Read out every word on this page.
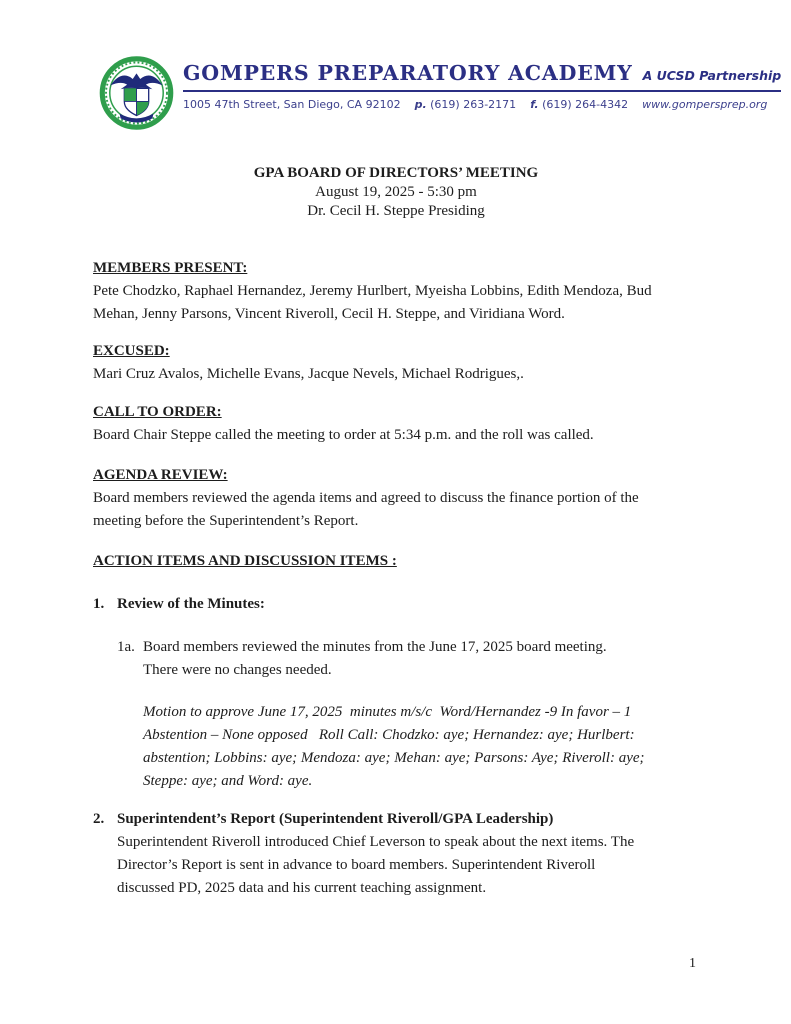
GOMPERS PREPARATORY ACADEMY A UCSD Partnership
1005 47th Street, San Diego, CA 92102 p. (619) 263-2171 f. (619) 264-4342 www.gompersprep.org
GPA BOARD OF DIRECTORS’ MEETING
August 19, 2025 - 5:30 pm
Dr. Cecil H. Steppe Presiding
MEMBERS PRESENT:
Pete Chodzko, Raphael Hernandez, Jeremy Hurlbert, Myeisha Lobbins, Edith Mendoza, Bud
Mehan, Jenny Parsons, Vincent Riveroll, Cecil H. Steppe, and Viridiana Word.
EXCUSED:
Mari Cruz Avalos, Michelle Evans, Jacque Nevels, Michael Rodrigues,.
CALL TO ORDER:
Board Chair Steppe called the meeting to order at 5:34 p.m. and the roll was called.
AGENDA REVIEW:
Board members reviewed the agenda items and agreed to discuss the finance portion of the
meeting before the Superintendent’s Report.
ACTION ITEMS AND DISCUSSION ITEMS :
1. Review of the Minutes:
1a. Board members reviewed the minutes from the June 17, 2025 board meeting.
There were no changes needed.
Motion to approve June 17, 2025  minutes m/s/c  Word/Hernandez -9 In favor – 1
Abstention – None opposed   Roll Call: Chodzko: aye; Hernandez: aye; Hurlbert:
abstention; Lobbins: aye; Mendoza: aye; Mehan: aye; Parsons: Aye; Riveroll: aye;
Steppe: aye; and Word: aye.
2. Superintendent’s Report (Superintendent Riveroll/GPA Leadership)
Superintendent Riveroll introduced Chief Leverson to speak about the next items. The
Director’s Report is sent in advance to board members. Superintendent Riveroll
discussed PD, 2025 data and his current teaching assignment.
1
